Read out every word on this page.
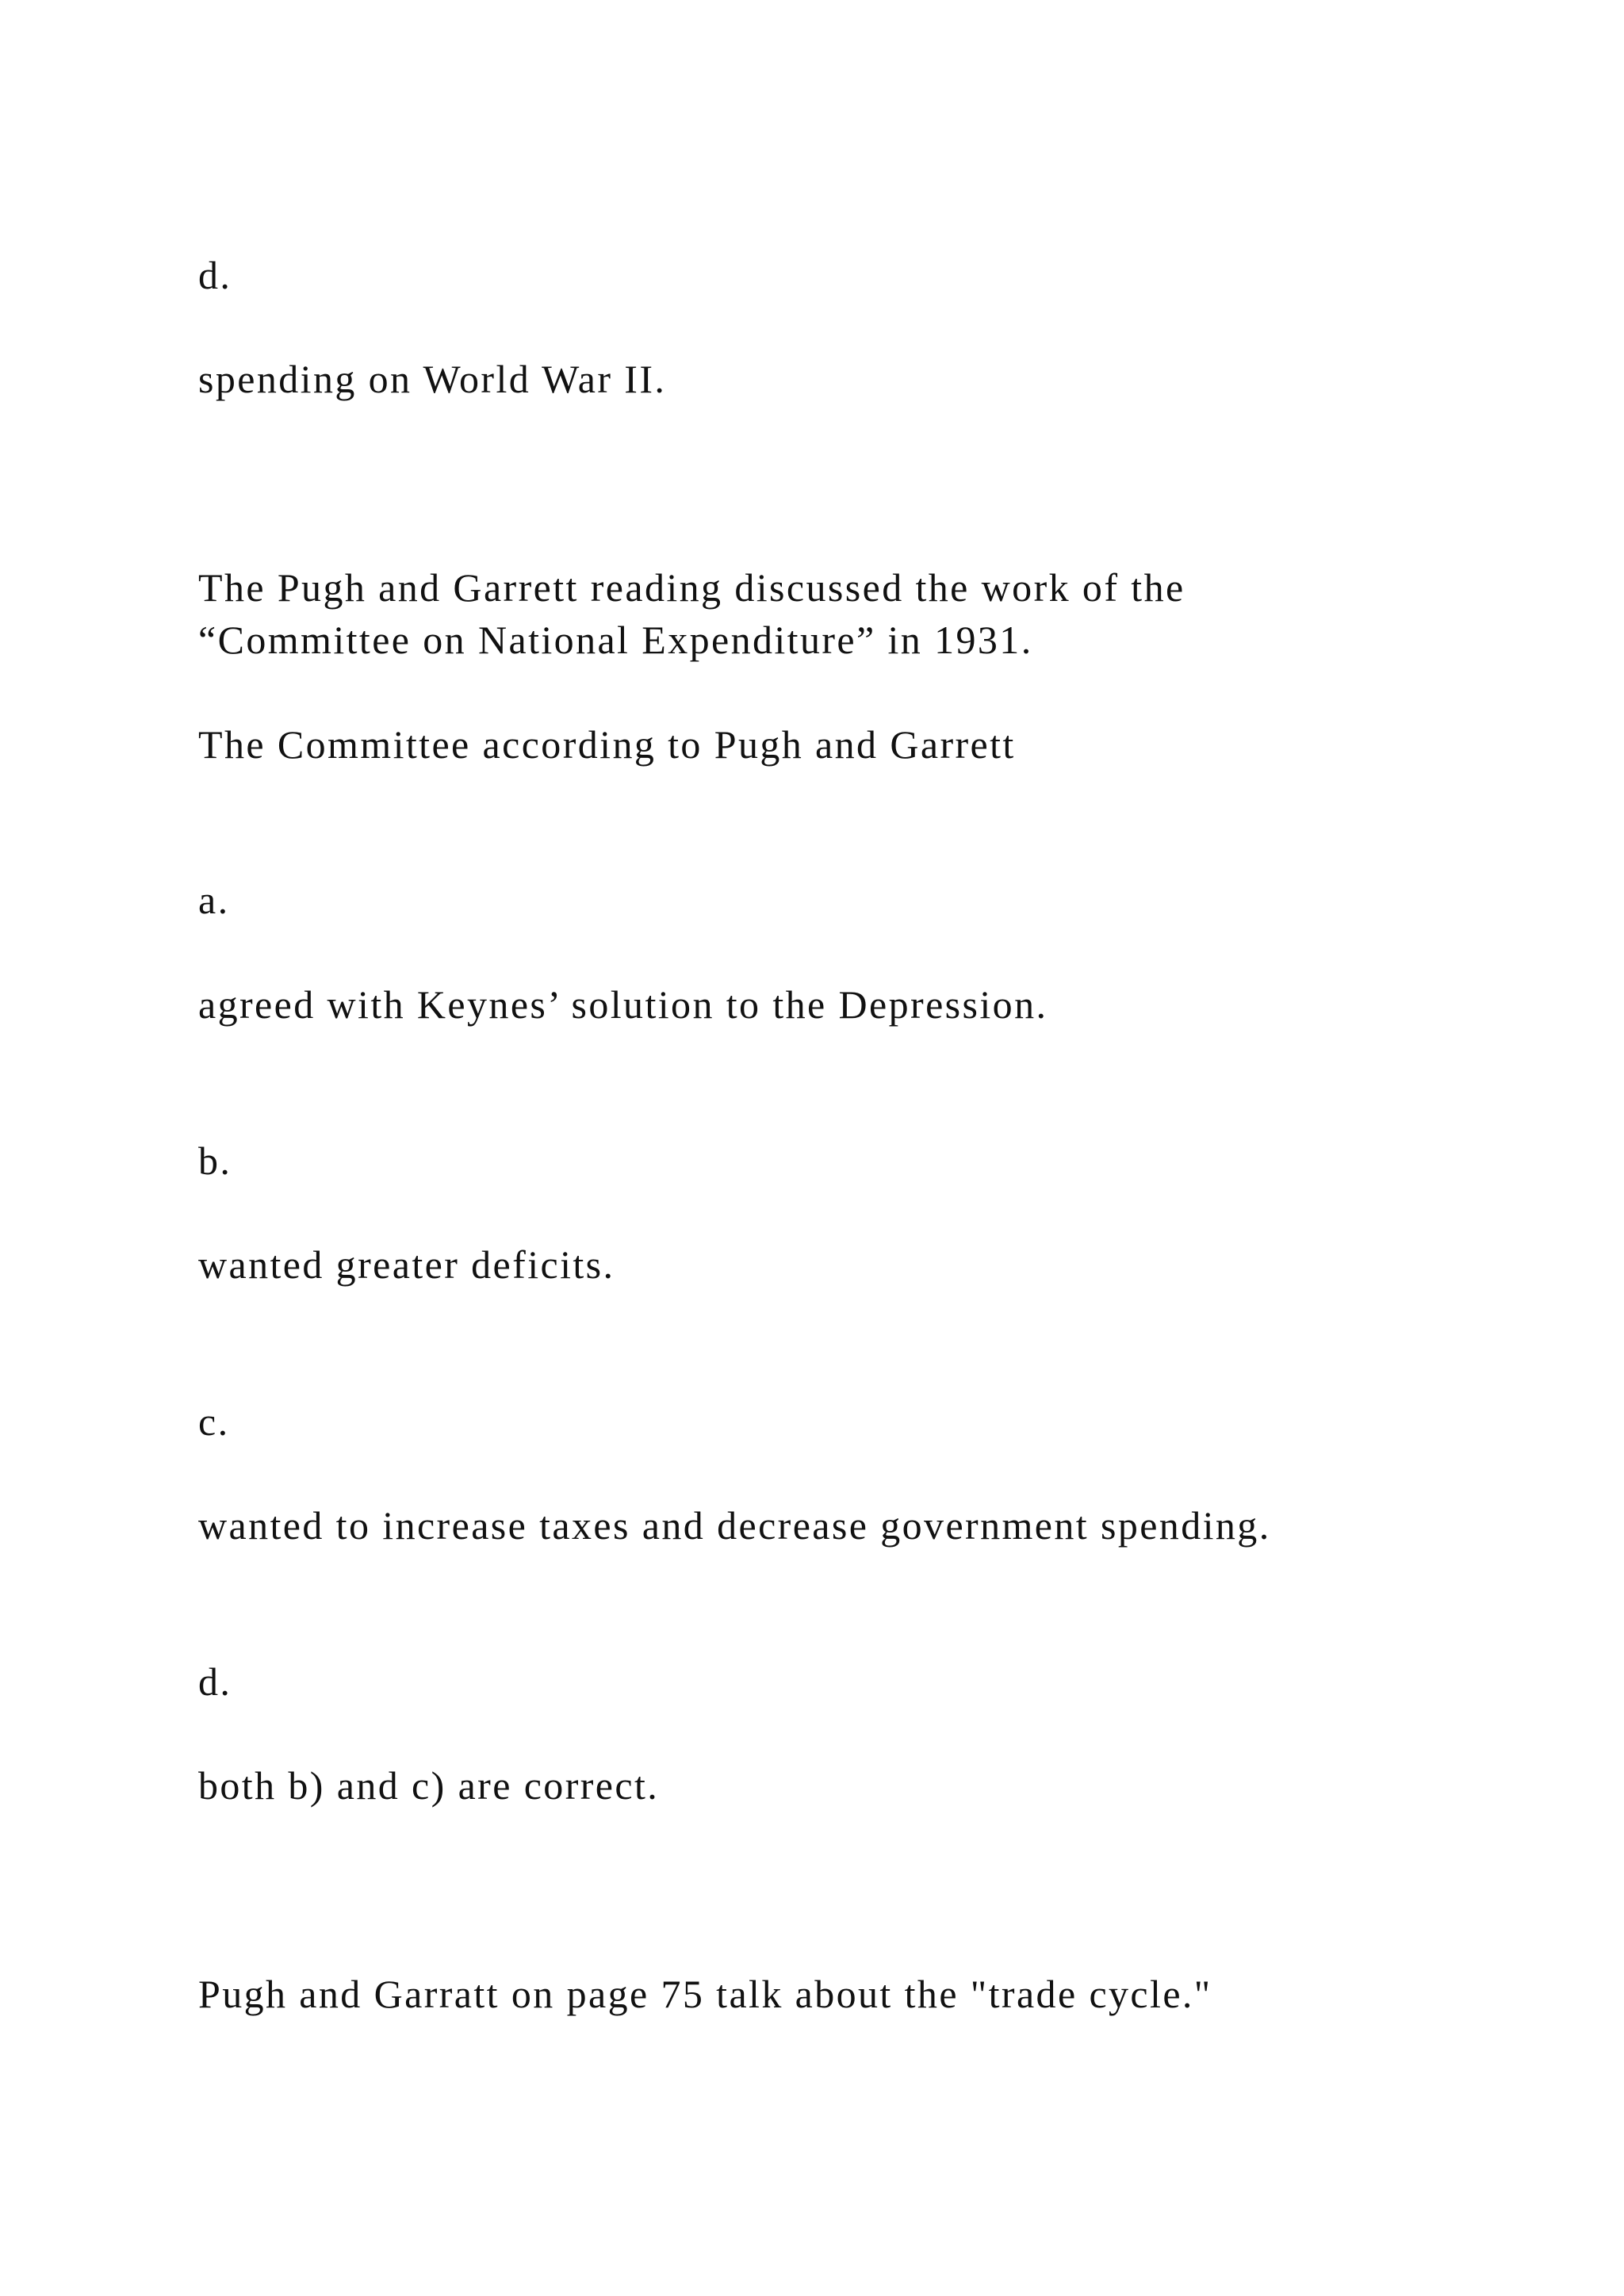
d.
spending on World War II.
The Pugh and Garrett reading discussed the work of the
“Committee on National Expenditure” in 1931.
The Committee according to Pugh and Garrett
a.
agreed with Keynes’ solution to the Depression.
b.
wanted greater deficits.
c.
wanted to increase taxes and decrease government spending.
d.
both b) and c) are correct.
Pugh and Garratt on page 75 talk about the "trade cycle."
